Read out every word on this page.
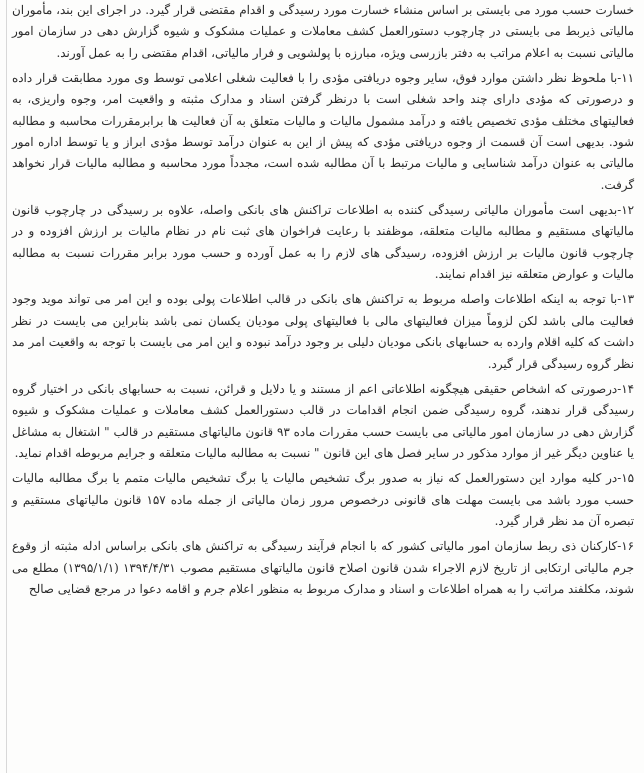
خسارت حسب مورد می بایستی بر اساس منشاء خسارت مورد رسیدگی و اقدام مقتضی قرار گیرد. در اجرای این بند، مأموران مالیاتی ذیربط می بایستی در چارچوب دستورالعمل کشف معاملات و عملیات مشکوک و شیوه گزارش دهی در سازمان امور مالیاتی نسبت به اعلام مراتب به دفتر بازرسی ویژه، مبارزه با پولشویی و فرار مالیاتی، اقدام مقتضی را به عمل آورند.

۱۱-با ملحوظ نظر داشتن موارد فوق، سایر وجوه دریافتی مؤدی را با فعالیت شغلی اعلامی توسط وی مورد مطابقت قرار داده و درصورتی که مؤدی دارای چند واحد شغلی است با درنظر گرفتن اسناد و مدارک مثبته و واقعیت امر، وجوه واریزی، به فعالیتهای مختلف مؤدی تخصیص یافته و درآمد مشمول مالیات و مالیات متعلق به آن فعالیت ها برابرمقررات محاسبه و مطالبه شود. بدیهی است آن قسمت از وجوه دریافتی مؤدی که پیش از این به عنوان درآمد توسط مؤدی ابراز و یا توسط اداره امور مالیاتی به عنوان درآمد شناسایی و مالیات مرتبط با آن مطالبه شده است، مجدداً مورد محاسبه و مطالبه مالیات قرار نخواهد گرفت.

۱۲-بدیهی است مأموران مالیاتی رسیدگی کننده به اطلاعات تراکنش های بانکی واصله، علاوه بر رسیدگی در چارچوب قانون مالیاتهای مستقیم و مطالبه مالیات متعلقه، موظفند با رعایت فراخوان های ثبت نام در نظام مالیات بر ارزش افزوده و در چارچوب قانون مالیات بر ارزش افزوده، رسیدگی های لازم را به عمل آورده و حسب مورد برابر مقررات نسبت به مطالبه مالیات و عوارض متعلقه نیز اقدام نمایند.

۱۳-با توجه به اینکه اطلاعات واصله مربوط به تراکنش های بانکی در قالب اطلاعات پولی بوده و این امر می تواند موید وجود فعالیت مالی باشد لکن لزوماً میزان فعالیتهای مالی با فعالیتهای پولی مودیان یکسان نمی باشد بنابراین می بایست در نظر داشت که کلیه اقلام وارده به حسابهای بانکی مودیان دلیلی بر وجود درآمد نبوده و این امر می بایست با توجه به واقعیت امر مد نظر گروه رسیدگی قرار گیرد.

۱۴-درصورتی که اشخاص حقیقی هیچگونه اطلاعاتی اعم از مستند و یا دلایل و قرائن، نسبت به حسابهای بانکی در اختیار گروه رسیدگی قرار ندهند، گروه رسیدگی ضمن انجام اقدامات در قالب دستورالعمل کشف معاملات و عملیات مشکوک و شیوه گزارش دهی در سازمان امور مالیاتی می بایست حسب مقررات ماده ۹۳ قانون مالیاتهای مستقیم در قالب " اشتغال به مشاغل یا عناوین دیگر غیر از موارد مذکور در سایر فصل های این قانون " نسبت به مطالبه مالیات متعلقه و جرایم مربوطه اقدام نماید.

۱۵-در کلیه موارد این دستورالعمل که نیاز به صدور برگ تشخیص مالیات یا برگ تشخیص مالیات متمم یا برگ مطالبه مالیات حسب مورد باشد می بایست مهلت های قانونی درخصوص مرور زمان مالیاتی از جمله ماده ۱۵۷ قانون مالیاتهای مستقیم و تبصره آن مد نظر قرار گیرد.

۱۶-کارکنان ذی ربط سازمان امور مالیاتی کشور که با انجام فرآیند رسیدگی به تراکنش های بانکی براساس ادله مثبته از وقوع جرم مالیاتی ارتکابی از تاریخ لازم الاجراء شدن قانون اصلاح قانون مالیاتهای مستقیم مصوب ۱۳۹۴/۴/۳۱ (۱۳۹۵/۱/۱) مطلع می شوند، مکلفند مراتب را به همراه اطلاعات و اسناد و مدارک مربوط به منظور اعلام جرم و اقامه دعوا در مرجع قضایی صالح
